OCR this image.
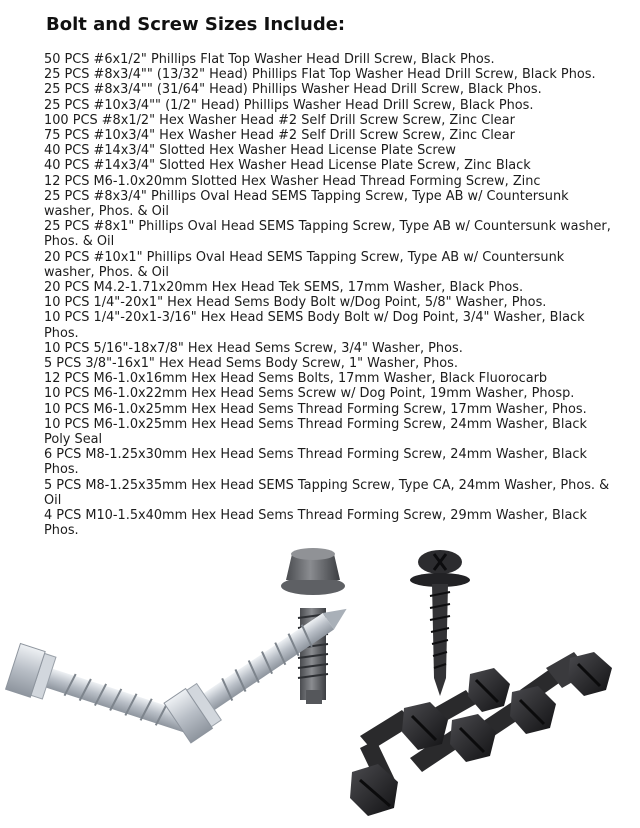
Bolt and Screw Sizes Include:
50 PCS #6x1/2" Phillips Flat Top Washer Head Drill Screw, Black Phos.
25 PCS #8x3/4"" (13/32" Head) Phillips Flat Top Washer Head Drill Screw, Black Phos.
25 PCS #8x3/4"" (31/64" Head) Phillips Washer Head Drill Screw, Black Phos.
25 PCS #10x3/4"" (1/2" Head) Phillips Washer Head Drill Screw, Black Phos.
100 PCS #8x1/2" Hex Washer Head #2 Self Drill Screw Screw, Zinc Clear
75 PCS #10x3/4" Hex Washer Head #2 Self Drill Screw Screw, Zinc Clear
40 PCS #14x3/4" Slotted Hex Washer Head License Plate Screw
40 PCS #14x3/4" Slotted Hex Washer Head License Plate Screw, Zinc Black
12 PCS M6-1.0x20mm Slotted Hex Washer Head Thread Forming Screw, Zinc
25 PCS #8x3/4" Phillips Oval Head SEMS Tapping Screw, Type AB w/ Countersunk washer, Phos. & Oil
25 PCS #8x1" Phillips Oval Head SEMS Tapping Screw, Type AB w/ Countersunk washer, Phos. & Oil
20 PCS #10x1" Phillips Oval Head SEMS Tapping Screw, Type AB w/ Countersunk washer, Phos. & Oil
20 PCS M4.2-1.71x20mm Hex Head Tek SEMS, 17mm Washer, Black Phos.
10 PCS 1/4"-20x1" Hex Head Sems Body Bolt w/Dog Point, 5/8" Washer, Phos.
10 PCS 1/4"-20x1-3/16" Hex Head SEMS Body Bolt w/ Dog Point, 3/4" Washer, Black Phos.
10 PCS 5/16"-18x7/8" Hex Head Sems Screw, 3/4" Washer, Phos.
5 PCS 3/8"-16x1" Hex Head Sems Body Screw, 1" Washer, Phos.
12 PCS M6-1.0x16mm Hex Head Sems Bolts, 17mm Washer, Black Fluorocarb
10 PCS M6-1.0x22mm Hex Head Sems Screw w/ Dog Point, 19mm Washer, Phosp.
10 PCS M6-1.0x25mm Hex Head Sems Thread Forming Screw, 17mm Washer, Phos.
10 PCS M6-1.0x25mm Hex Head Sems Thread Forming Screw, 24mm Washer, Black Poly Seal
6 PCS M8-1.25x30mm Hex Head Sems Thread Forming Screw, 24mm Washer, Black Phos.
5 PCS M8-1.25x35mm Hex Head SEMS Tapping Screw, Type CA, 24mm Washer, Phos. & Oil
4 PCS M10-1.5x40mm Hex Head Sems Thread Forming Screw, 29mm Washer, Black Phos.
